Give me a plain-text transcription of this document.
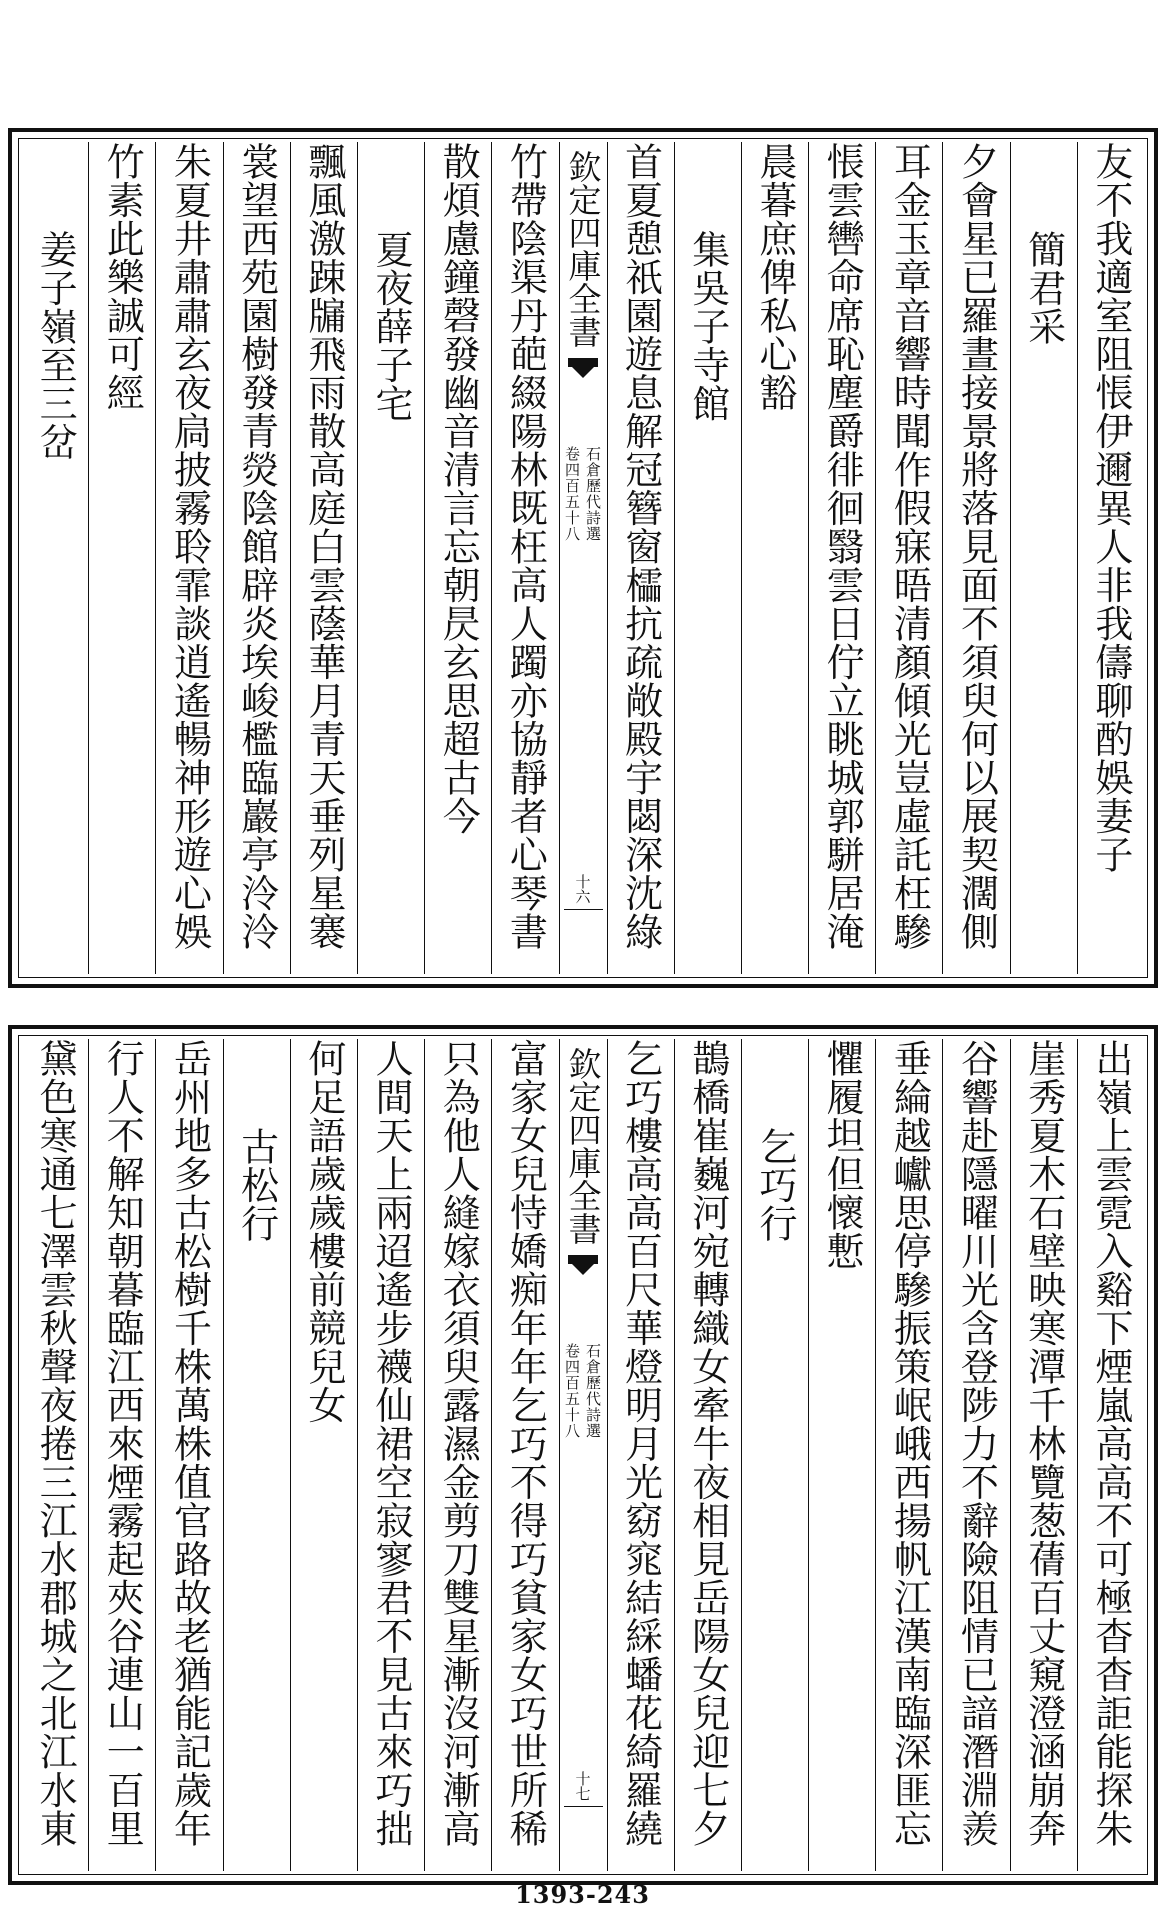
友不我適室阻悵伊邇異人非我儔聊酌娛妻子
簡君采
夕會星已羅晝接景將落見面不須臾何以展契濶側
耳金玉章音響時聞作假寐晤清顏傾光豈虛託枉驂
悵雲轡命席恥塵爵徘徊翳雲日佇立眺城郭駢居淹
晨暮庶俾私心豁
集吳子寺館
首夏憩祇園遊息解冠簪窗櫺抗疏敞殿宇閟深沈綠
欽定四庫全書
石倉歷代詩選
卷四百五十八
十六
竹帶陰渠丹葩綴陽林既枉高人躅亦協靜者心琴書
散煩慮鐘磬發幽音清言忘朝昃玄思超古今
夏夜薛子宅
飄風激踈牖飛雨散高庭白雲蔭華月青天垂列星褰
裳望西苑園樹發青熒陰館辟炎埃峻檻臨巖亭泠泠
朱夏井肅肅玄夜扃披霧聆霏談逍遙暢神形遊心娛
竹素此樂誠可經
姜子嶺至三岔
出嶺上雲霓入谿下煙嵐高高不可極杳杳詎能探朱
崖秀夏木石壁映寒潭千林覽葱蒨百丈窺澄涵崩奔
谷響赴隱曜川光含登陟力不辭險阻情已諳潛淵羨
垂綸越巘思停驂振策岷峨西揚帆江漢南臨深匪忘
懼履坦但懷慙
乞巧行
鵲橋崔巍河宛轉織女牽牛夜相見岳陽女兒迎七夕
乞巧樓高高百尺華燈明月光窈窕結綵蟠花綺羅繞
欽定四庫全書
石倉歷代詩選
卷四百五十八
十七
富家女兒恃嬌痴年年乞巧不得巧貧家女巧世所稀
只為他人縫嫁衣須臾露濕金剪刀雙星漸沒河漸高
人間天上兩迢遙步襪仙裙空寂寥君不見古來巧拙
何足語歲歲樓前競兒女
古松行
岳州地多古松樹千株萬株值官路故老猶能記歲年
行人不解知朝暮臨江西來煙霧起夾谷連山一百里
黛色寒通七澤雲秋聲夜捲三江水郡城之北江水東
1393-243
